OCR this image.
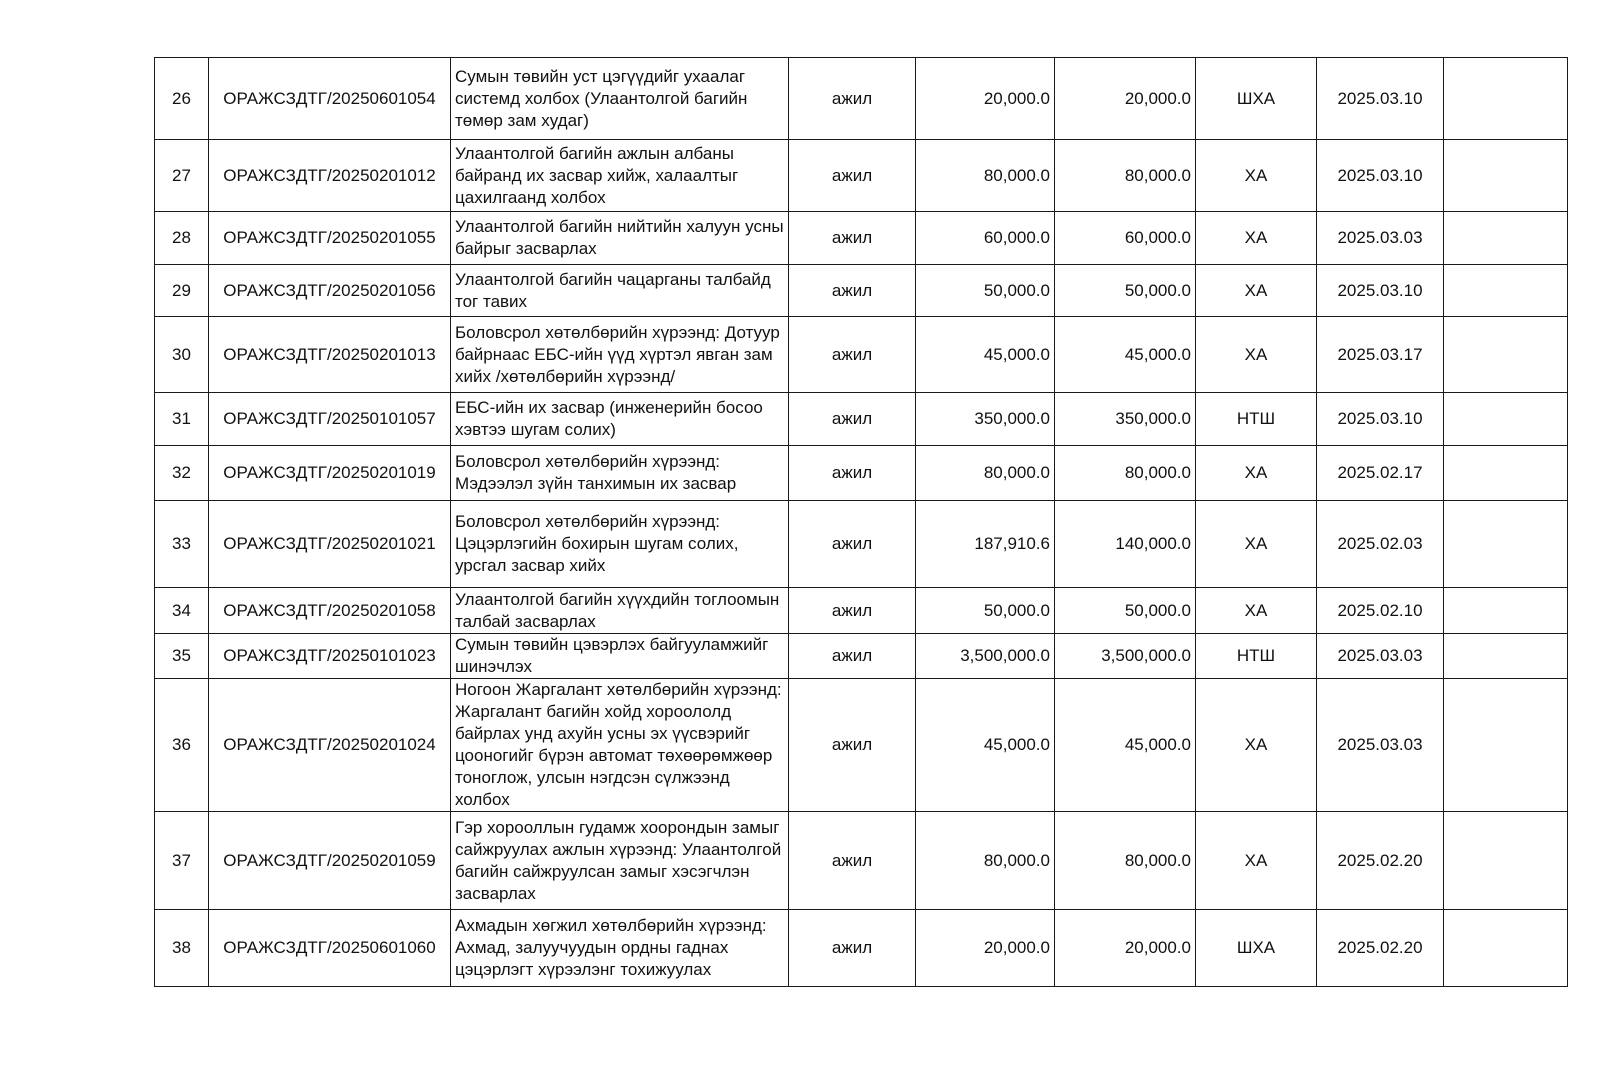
26	ОРАЖСЗДТГ/20250601054	Сумын төвийн уст цэгүүдийг ухаалаг системд холбох (Улаантолгой багийн төмөр зам худаг)	ажил	20,000.0	20,000.0	ШХА	2025.03.10	
27	ОРАЖСЗДТГ/20250201012	Улаантолгой багийн ажлын албаны байранд их засвар хийж, халаалтыг цахилгаанд холбох	ажил	80,000.0	80,000.0	ХА	2025.03.10	
28	ОРАЖСЗДТГ/20250201055	Улаантолгой багийн нийтийн халуун усны байрыг засварлах	ажил	60,000.0	60,000.0	ХА	2025.03.03	
29	ОРАЖСЗДТГ/20250201056	Улаантолгой багийн чацарганы талбайд тог тавих	ажил	50,000.0	50,000.0	ХА	2025.03.10	
30	ОРАЖСЗДТГ/20250201013	Боловсрол хөтөлбөрийн хүрээнд: Дотуур байрнаас ЕБС-ийн үүд хүртэл явган зам хийх /хөтөлбөрийн хүрээнд/	ажил	45,000.0	45,000.0	ХА	2025.03.17	
31	ОРАЖСЗДТГ/20250101057	ЕБС-ийн их засвар (инженерийн босоо хэвтээ шугам солих)	ажил	350,000.0	350,000.0	НТШ	2025.03.10	
32	ОРАЖСЗДТГ/20250201019	Боловсрол хөтөлбөрийн хүрээнд: Мэдээлэл зүйн танхимын их засвар	ажил	80,000.0	80,000.0	ХА	2025.02.17	
33	ОРАЖСЗДТГ/20250201021	Боловсрол хөтөлбөрийн хүрээнд: Цэцэрлэгийн бохирын шугам солих, урсгал засвар хийх	ажил	187,910.6	140,000.0	ХА	2025.02.03	
34	ОРАЖСЗДТГ/20250201058	Улаантолгой багийн хүүхдийн тоглоомын талбай засварлах	ажил	50,000.0	50,000.0	ХА	2025.02.10	
35	ОРАЖСЗДТГ/20250101023	Сумын төвийн цэвэрлэх байгууламжийг шинэчлэх	ажил	3,500,000.0	3,500,000.0	НТШ	2025.03.03	
36	ОРАЖСЗДТГ/20250201024	Ногоон Жаргалант хөтөлбөрийн хүрээнд: Жаргалант багийн хойд хороололд байрлах унд ахуйн усны эх үүсвэрийг цооногийг бүрэн автомат төхөөрөмжөөр тоноглож, улсын нэгдсэн сүлжээнд холбох	ажил	45,000.0	45,000.0	ХА	2025.03.03	
37	ОРАЖСЗДТГ/20250201059	Гэр хорооллын гудамж хоорондын замыг сайжруулах ажлын хүрээнд: Улаантолгой багийн сайжруулсан замыг хэсэгчлэн засварлах	ажил	80,000.0	80,000.0	ХА	2025.02.20	
38	ОРАЖСЗДТГ/20250601060	Ахмадын хөгжил хөтөлбөрийн хүрээнд: Ахмад, залуучуудын ордны гаднах цэцэрлэгт хүрээлэнг тохижуулах	ажил	20,000.0	20,000.0	ШХА	2025.02.20	
